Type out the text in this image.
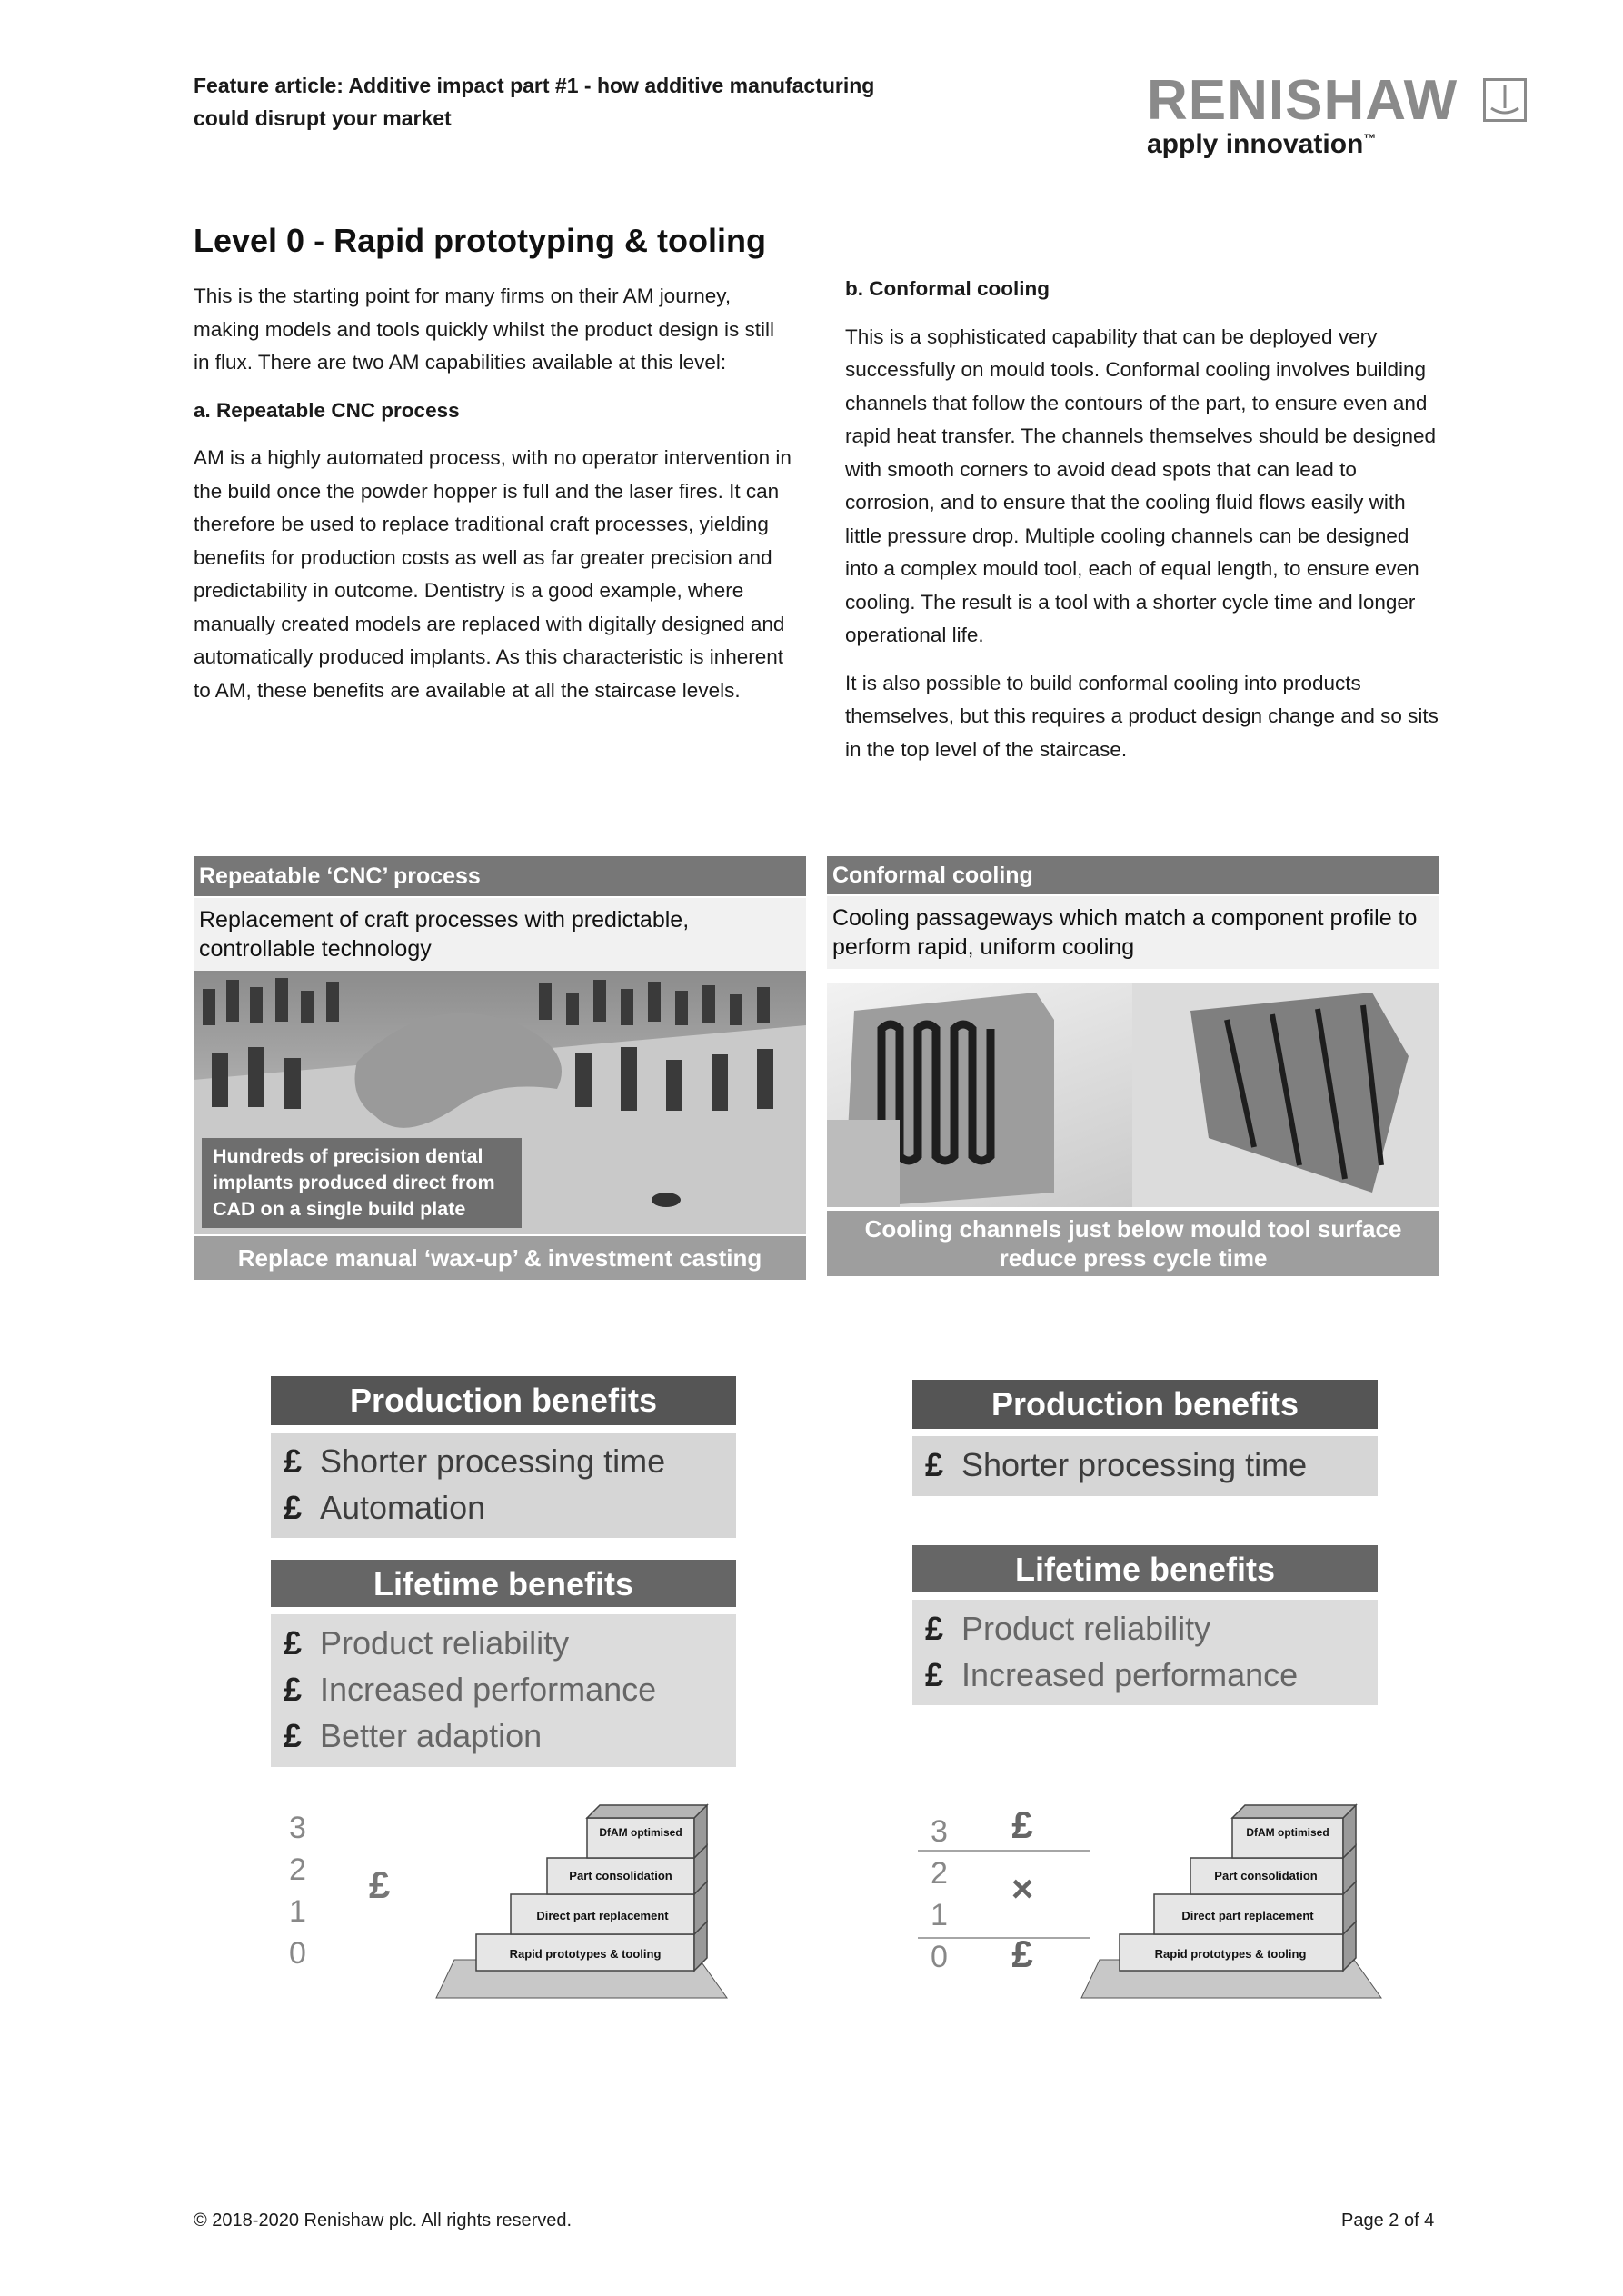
Feature article: Additive impact part #1 - how additive manufacturing
could disrupt your market	RENISHAW
apply innovation™
Level 0 - Rapid prototyping & tooling

This is the starting point for many firms on their AM journey, making models and tools quickly whilst the product design is still in flux. There are two AM capabilities available at this level:

a. Repeatable CNC process

AM is a highly automated process, with no operator intervention in the build once the powder hopper is full and the laser fires. It can therefore be used to replace traditional craft processes, yielding benefits for production costs as well as far greater precision and predictability in outcome. Dentistry is a good example, where manually created models are replaced with digitally designed and automatically produced implants. As this characteristic is inherent to AM, these benefits are available at all the staircase levels.

b. Conformal cooling

This is a sophisticated capability that can be deployed very successfully on mould tools. Conformal cooling involves building channels that follow the contours of the part, to ensure even and rapid heat transfer. The channels themselves should be designed with smooth corners to avoid dead spots that can lead to corrosion, and to ensure that the cooling fluid flows easily with little pressure drop. Multiple cooling channels can be designed into a complex mould tool, each of equal length, to ensure even cooling. The result is a tool with a shorter cycle time and longer operational life.

It is also possible to build conformal cooling into products themselves, but this requires a product design change and so sits in the top level of the staircase.

Repeatable ‘CNC’ process
Replacement of craft processes with predictable, controllable technology
Hundreds of precision dental implants produced direct from CAD on a single build plate
Replace manual ‘wax-up’ & investment casting
Conformal cooling
Cooling passageways which match a component profile to perform rapid, uniform cooling
Cooling channels just below mould tool surface reduce press cycle time
Production benefits
£ Shorter processing time
£ Automation
Lifetime benefits
£ Product reliability
£ Increased performance
£ Better adaption
Production benefits
£ Shorter processing time
Lifetime benefits
£ Product reliability
£ Increased performance
3
2
1
0
£
DfAM optimised
Part consolidation
Direct part replacement
Rapid prototypes & tooling
3
2
1
0
£
×
£
DfAM optimised
Part consolidation
Direct part replacement
Rapid prototypes & tooling
© 2018-2020 Renishaw plc. All rights reserved.	Page 2 of 4
